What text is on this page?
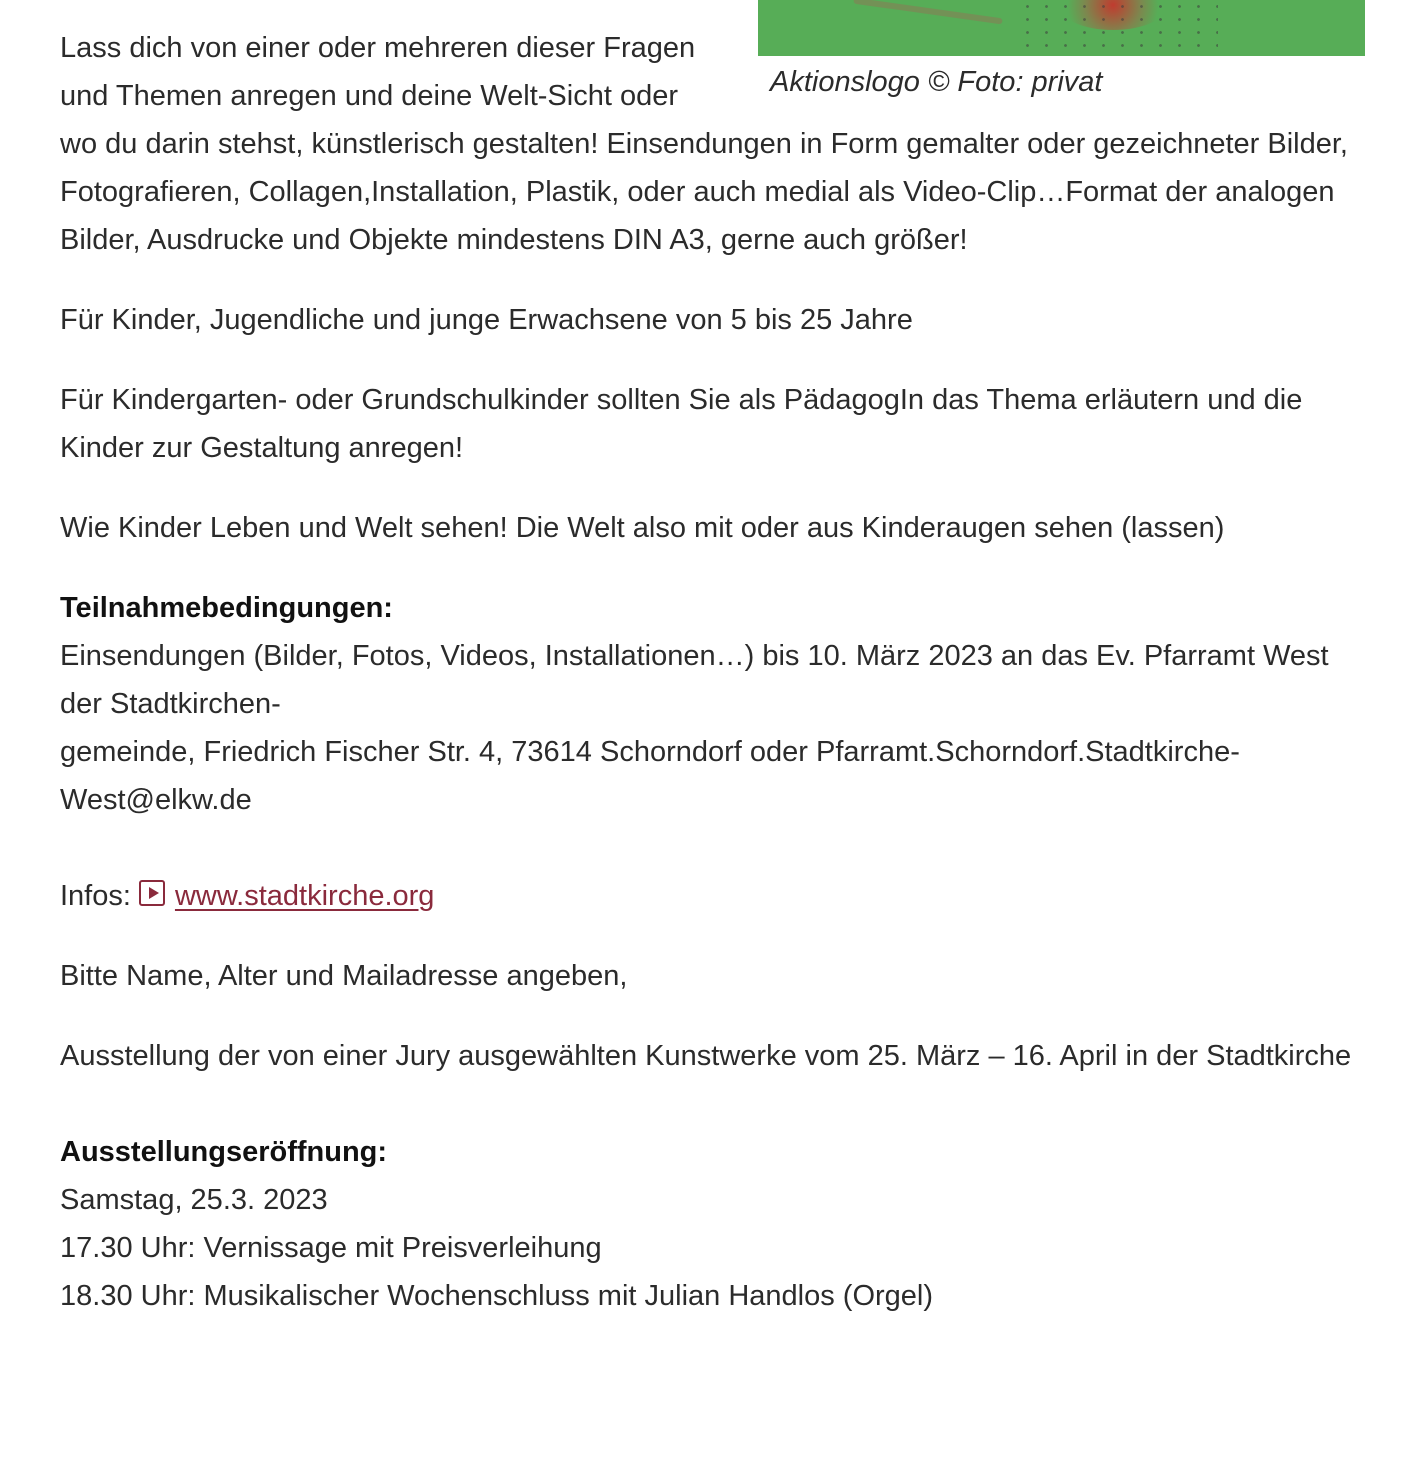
Aktionslogo © Foto: privat

Lass dich von einer oder mehreren dieser Fragen und Themen anregen und deine Welt-Sicht oder wo du darin stehst, künstlerisch gestalten! Einsendungen in Form gemalter oder gezeichneter Bilder, Fotografieren, Collagen,Installation, Plastik, oder auch medial als Video-Clip…Format der analogen Bilder, Ausdrucke und Objekte mindestens DIN A3, gerne auch größer!

Für Kinder, Jugendliche und junge Erwachsene von 5 bis 25 Jahre

Für Kindergarten- oder Grundschulkinder sollten Sie als PädagogIn das Thema erläutern und die Kinder zur Gestaltung anregen!

Wie Kinder Leben und Welt sehen! Die Welt also mit oder aus Kinderaugen sehen (lassen)

Teilnahmebedingungen:
Einsendungen (Bilder, Fotos, Videos, Installationen…) bis 10. März 2023 an das Ev. Pfarramt West der Stadtkirchen-
gemeinde, Friedrich Fischer Str. 4, 73614 Schorndorf oder Pfarramt.Schorndorf.Stadtkirche-West@elkw.de

Infos: www.stadtkirche.org

Bitte Name, Alter und Mailadresse angeben,

Ausstellung der von einer Jury ausgewählten Kunstwerke vom 25. März – 16. April in der Stadtkirche

Ausstellungseröffnung:
Samstag, 25.3. 2023
17.30 Uhr: Vernissage mit Preisverleihung
18.30 Uhr: Musikalischer Wochenschluss mit Julian Handlos (Orgel)
